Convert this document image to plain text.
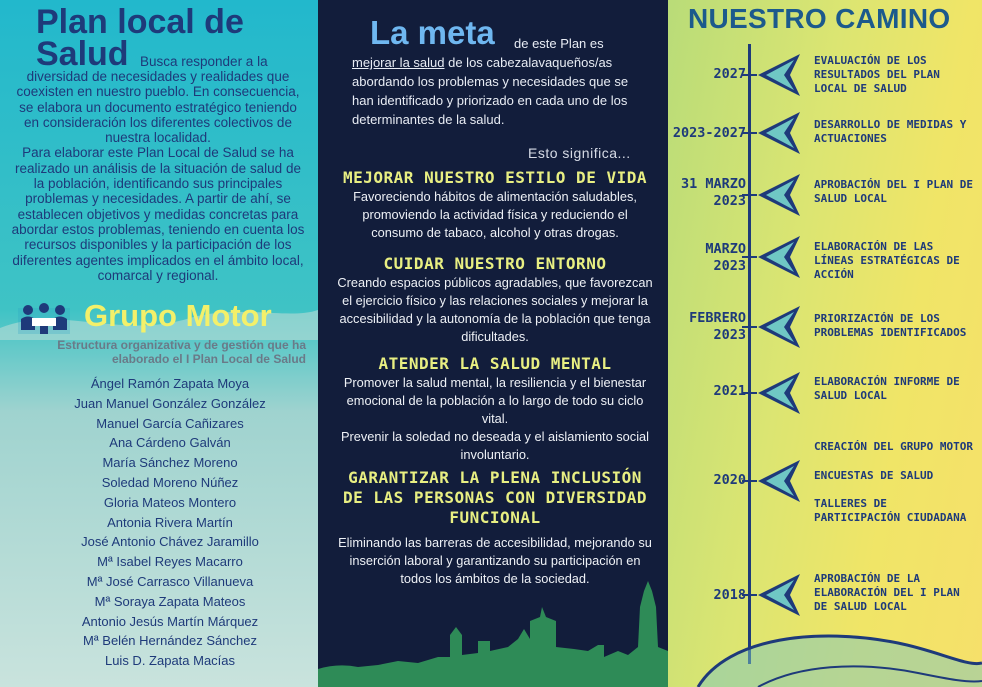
Plan local de
Salud Busca responder a la

diversidad de necesidades y realidades que coexisten en nuestro pueblo. En consecuencia, se elabora un documento estratégico teniendo en consideración los diferentes colectivos de nuestra localidad.

Para elaborar este Plan Local de Salud se ha realizado un análisis de la situación de salud de la población, identificando sus principales problemas y necesidades. A partir de ahí, se establecen objetivos y medidas concretas para abordar estos problemas, teniendo en cuenta los recursos disponibles y la participación de los diferentes agentes implicados en el ámbito local, comarcal y regional.

Grupo Motor
Estructura organizativa y de gestión que ha elaborado el I Plan Local de Salud
Ángel Ramón Zapata Moya
Juan Manuel González González
Manuel García Cañizares
Ana Cárdeno Galván
María Sánchez Moreno
Soledad Moreno Núñez
Gloria Mateos Montero
Antonia Rivera Martín
José Antonio Chávez Jaramillo
Mª Isabel Reyes Macarro
Mª José Carrasco Villanueva
Mª Soraya Zapata Mateos
Antonio Jesús Martín Márquez
Mª Belén Hernández Sánchez
Luis D. Zapata Macías
La meta	de este Plan es
mejorar la salud de los cabezalavaqueños/as abordando los problemas y necesidades que se han identificado y priorizado en cada uno de los determinantes de la salud.
Esto significa...
MEJORAR NUESTRO ESTILO DE VIDA
Favoreciendo hábitos de alimentación saludables, promoviendo la actividad física y reduciendo el consumo de tabaco, alcohol y otras drogas.
CUIDAR NUESTRO ENTORNO
Creando espacios públicos agradables, que favorezcan el ejercicio físico y las relaciones sociales y mejorar la accesibilidad y la autonomía de la población que tenga dificultades.
ATENDER LA SALUD MENTAL
Promover la salud mental, la resiliencia y el bienestar emocional de la población a lo largo de todo su ciclo vital.
Prevenir la soledad no deseada y el aislamiento social involuntario.
GARANTIZAR LA PLENA INCLUSIÓN DE LAS PERSONAS CON DIVERSIDAD FUNCIONAL
Eliminando las barreras de accesibilidad, mejorando su inserción laboral y garantizando su participación en todos los ámbitos de la sociedad.
NUESTRO CAMINO
2027
EVALUACIÓN DE LOS RESULTADOS DEL PLAN LOCAL DE SALUD
2023-2027
DESARROLLO DE MEDIDAS Y ACTUACIONES
31 MARZO 2023
APROBACIÓN DEL I PLAN DE SALUD LOCAL
MARZO 2023
ELABORACIÓN DE LAS LÍNEAS ESTRATÉGICAS DE ACCIÓN
FEBRERO 2023
PRIORIZACIÓN DE LOS PROBLEMAS IDENTIFICADOS
2021
ELABORACIÓN INFORME DE SALUD LOCAL
2020
CREACIÓN DEL GRUPO MOTOR
ENCUESTAS DE SALUD
TALLERES DE PARTICIPACIÓN CIUDADANA
2018
APROBACIÓN DE LA ELABORACIÓN DEL I PLAN DE SALUD LOCAL
